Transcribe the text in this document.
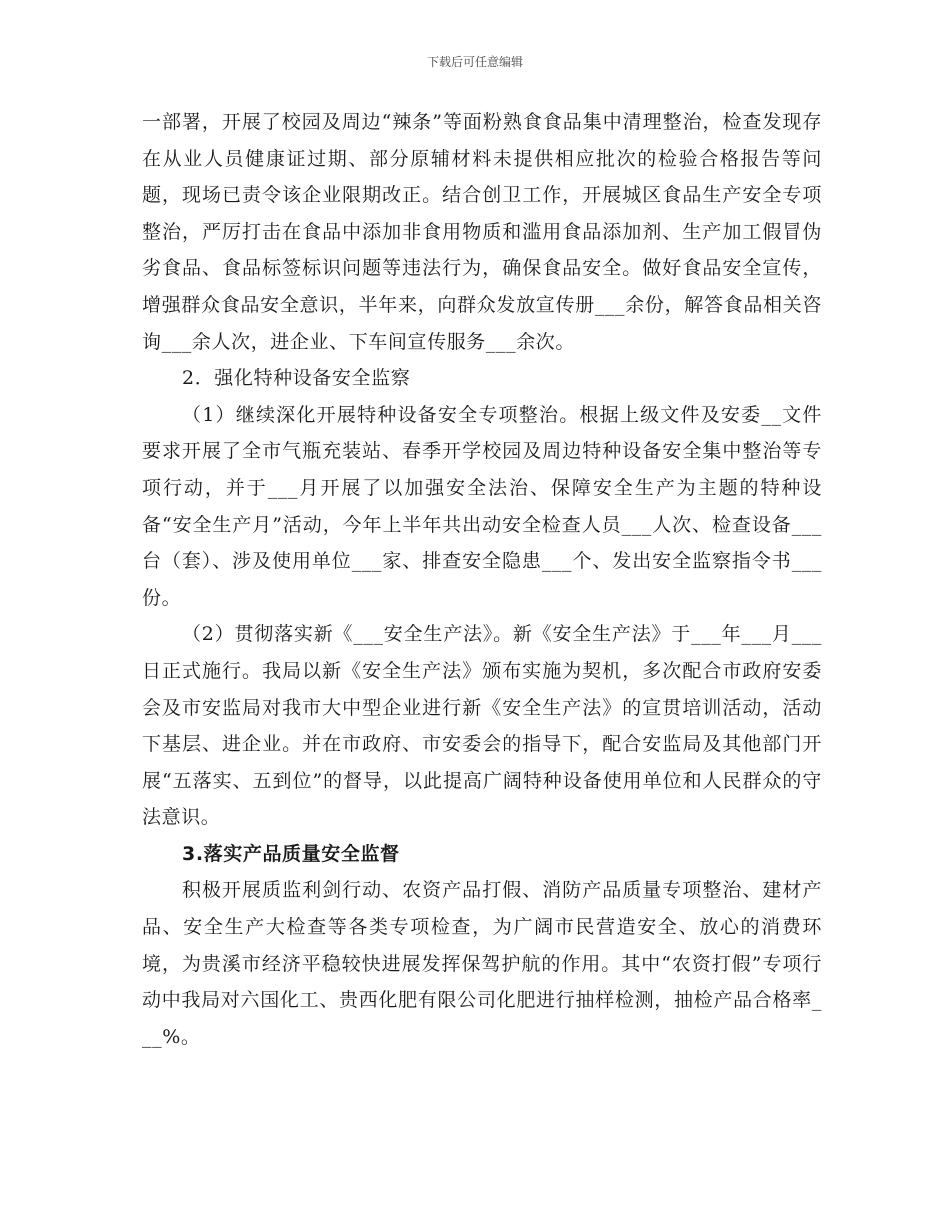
下载后可任意编辑

一部署，开展了校园及周边“辣条”等面粉熟食食品集中清理整治，检查发现存在从业人员健康证过期、部分原辅材料未提供相应批次的检验合格报告等问题，现场已责令该企业限期改正。结合创卫工作，开展城区食品生产安全专项整治，严厉打击在食品中添加非食用物质和滥用食品添加剂、生产加工假冒伪劣食品、食品标签标识问题等违法行为，确保食品安全。做好食品安全宣传，增强群众食品安全意识，半年来，向群众发放宣传册___余份，解答食品相关咨询___余人次，进企业、下车间宣传服务___余次。

2．强化特种设备安全监察

（1）继续深化开展特种设备安全专项整治。根据上级文件及安委__文件要求开展了全市气瓶充装站、春季开学校园及周边特种设备安全集中整治等专项行动，并于___月开展了以加强安全法治、保障安全生产为主题的特种设备“安全生产月”活动，今年上半年共出动安全检查人员___人次、检查设备___台（套）、涉及使用单位___家、排查安全隐患___个、发出安全监察指令书___份。

（2）贯彻落实新《___安全生产法》。新《安全生产法》于___年___月___日正式施行。我局以新《安全生产法》颁布实施为契机，多次配合市政府安委会及市安监局对我市大中型企业进行新《安全生产法》的宣贯培训活动，活动下基层、进企业。并在市政府、市安委会的指导下，配合安监局及其他部门开展“五落实、五到位”的督导，以此提高广阔特种设备使用单位和人民群众的守法意识。

3.落实产品质量安全监督

积极开展质监利剑行动、农资产品打假、消防产品质量专项整治、建材产品、安全生产大检查等各类专项检查，为广阔市民营造安全、放心的消费环境，为贵溪市经济平稳较快进展发挥保驾护航的作用。其中“农资打假”专项行动中我局对六国化工、贵西化肥有限公司化肥进行抽样检测，抽检产品合格率___%。
